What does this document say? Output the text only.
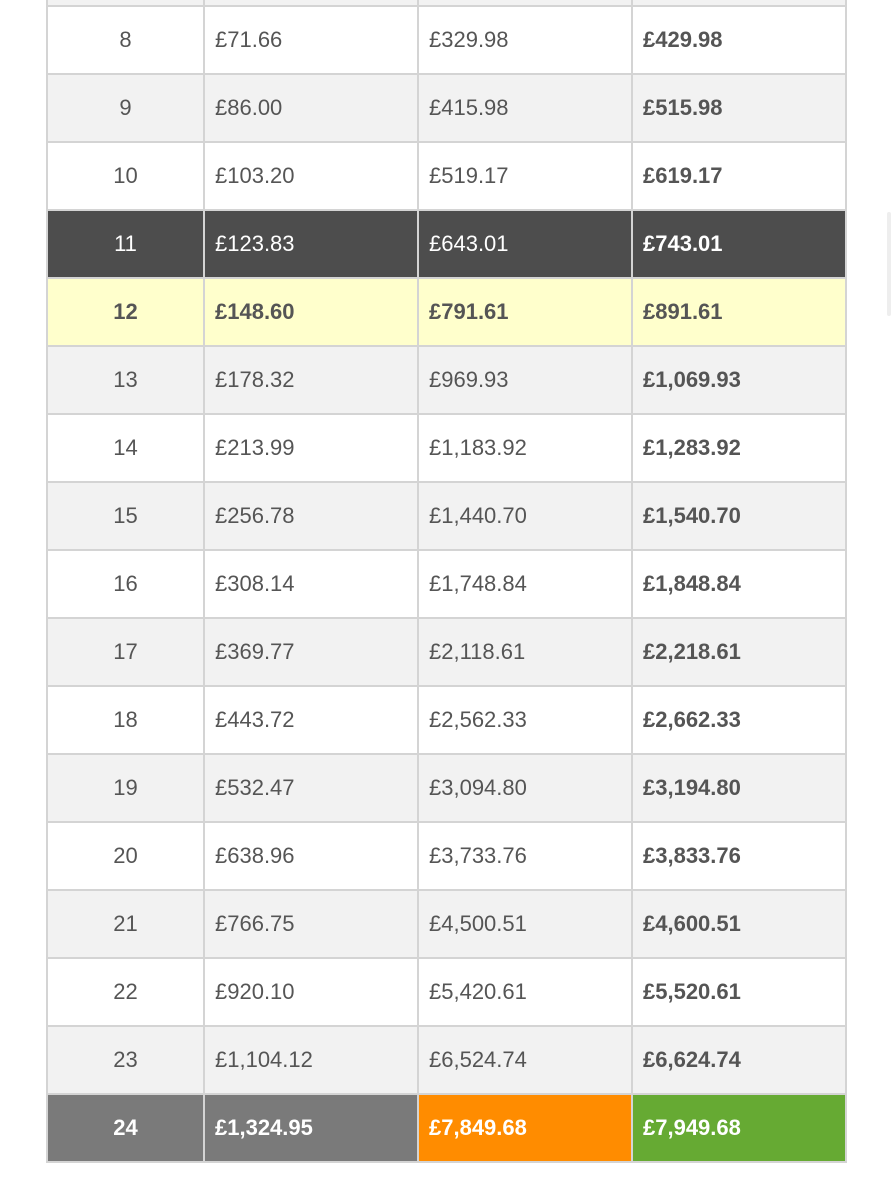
8	£71.66	£329.98	£429.98
9	£86.00	£415.98	£515.98
10	£103.20	£519.17	£619.17
11	£123.83	£643.01	£743.01
12	£148.60	£791.61	£891.61
13	£178.32	£969.93	£1,069.93
14	£213.99	£1,183.92	£1,283.92
15	£256.78	£1,440.70	£1,540.70
16	£308.14	£1,748.84	£1,848.84
17	£369.77	£2,118.61	£2,218.61
18	£443.72	£2,562.33	£2,662.33
19	£532.47	£3,094.80	£3,194.80
20	£638.96	£3,733.76	£3,833.76
21	£766.75	£4,500.51	£4,600.51
22	£920.10	£5,420.61	£5,520.61
23	£1,104.12	£6,524.74	£6,624.74
24	£1,324.95	£7,849.68	£7,949.68
